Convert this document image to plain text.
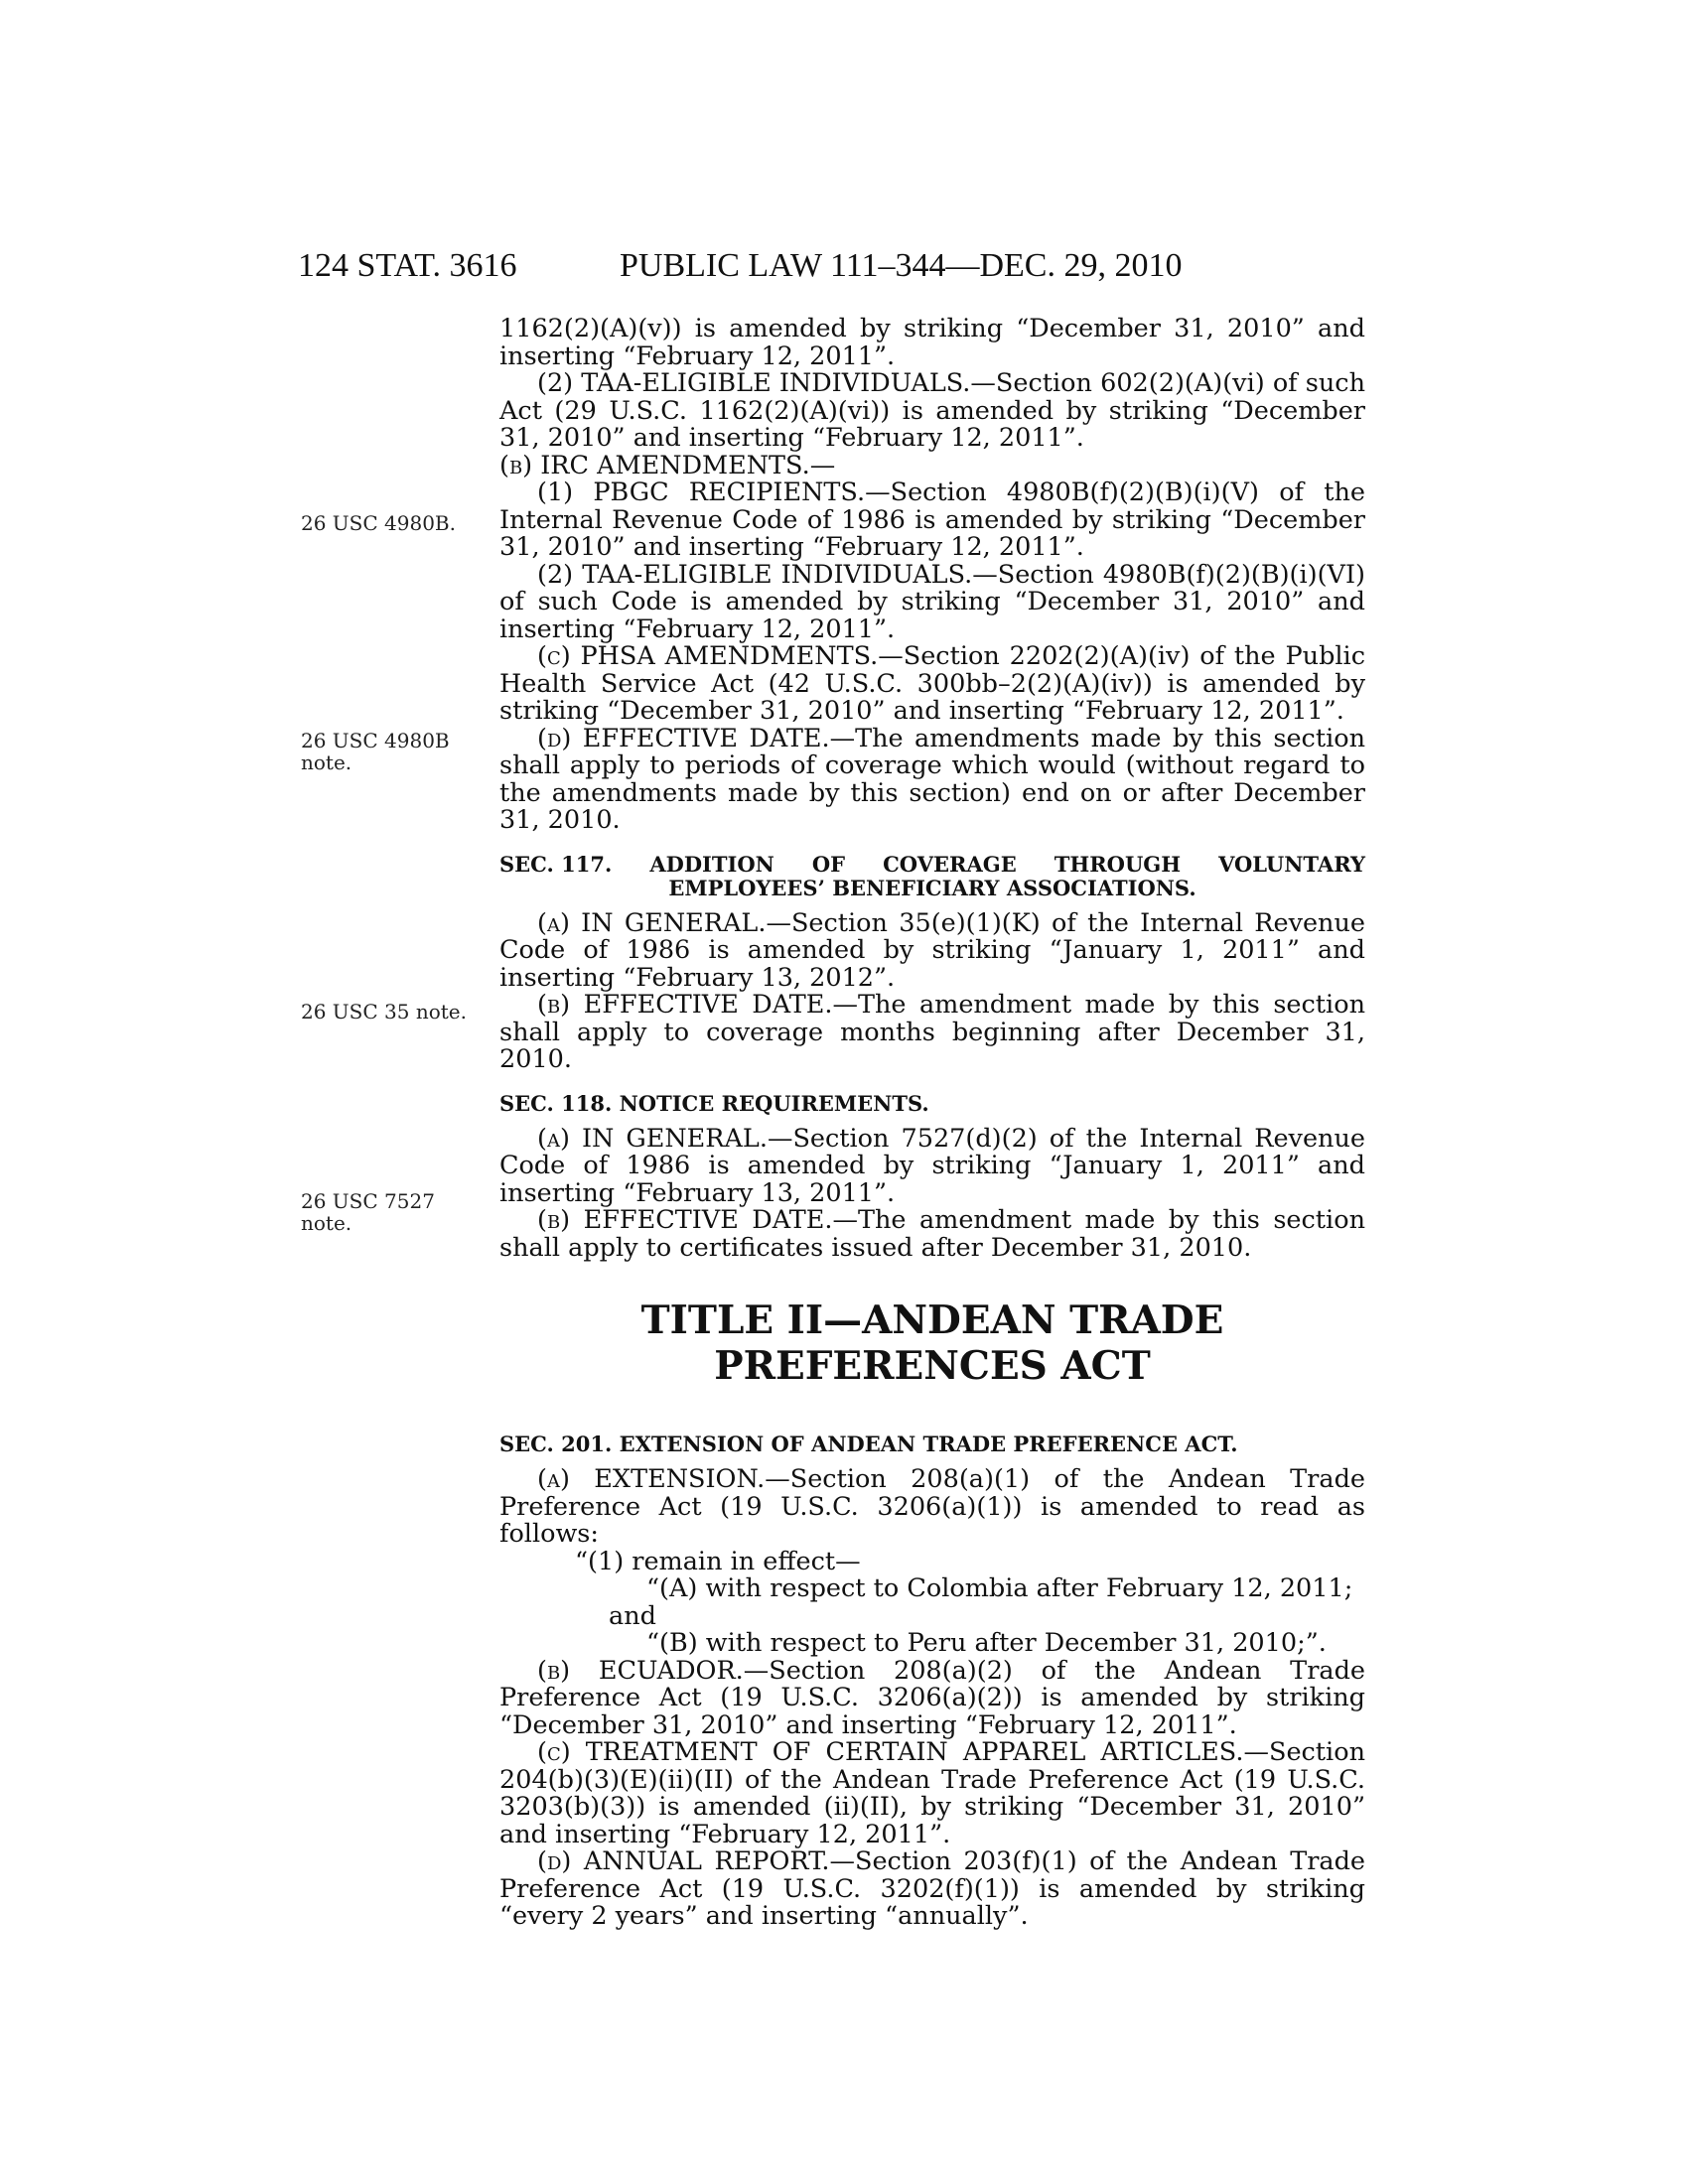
124 STAT. 3616	PUBLIC LAW 111–344—DEC. 29, 2010
26 USC 4980B.
26 USC 4980B note.
26 USC 35 note.
26 USC 7527 note.

1162(2)(A)(v)) is amended by striking “December 31, 2010” and inserting “February 12, 2011”.

(2) TAA-ELIGIBLE INDIVIDUALS.—Section 602(2)(A)(vi) of such Act (29 U.S.C. 1162(2)(A)(vi)) is amended by striking “December 31, 2010” and inserting “February 12, 2011”.

(b) IRC AMENDMENTS.—

(1) PBGC RECIPIENTS.—Section 4980B(f)(2)(B)(i)(V) of the Internal Revenue Code of 1986 is amended by striking “December 31, 2010” and inserting “February 12, 2011”.

(2) TAA-ELIGIBLE INDIVIDUALS.—Section 4980B(f)(2)(B)(i)(VI) of such Code is amended by striking “December 31, 2010” and inserting “February 12, 2011”.

(c) PHSA AMENDMENTS.—Section 2202(2)(A)(iv) of the Public Health Service Act (42 U.S.C. 300bb–2(2)(A)(iv)) is amended by striking “December 31, 2010” and inserting “February 12, 2011”.

(d) EFFECTIVE DATE.—The amendments made by this section shall apply to periods of coverage which would (without regard to the amendments made by this section) end on or after December 31, 2010.

SEC. 117. ADDITION OF COVERAGE THROUGH VOLUNTARY
EMPLOYEES’ BENEFICIARY ASSOCIATIONS.

(a) IN GENERAL.—Section 35(e)(1)(K) of the Internal Revenue Code of 1986 is amended by striking “January 1, 2011” and inserting “February 13, 2012”.

(b) EFFECTIVE DATE.—The amendment made by this section shall apply to coverage months beginning after December 31, 2010.

SEC. 118. NOTICE REQUIREMENTS.

(a) IN GENERAL.—Section 7527(d)(2) of the Internal Revenue Code of 1986 is amended by striking “January 1, 2011” and inserting “February 13, 2011”.

(b) EFFECTIVE DATE.—The amendment made by this section shall apply to certificates issued after December 31, 2010.

TITLE II—ANDEAN TRADE
PREFERENCES ACT
SEC. 201. EXTENSION OF ANDEAN TRADE PREFERENCE ACT.

(a) EXTENSION.—Section 208(a)(1) of the Andean Trade Preference Act (19 U.S.C. 3206(a)(1)) is amended to read as follows:

“(1) remain in effect—

“(A) with respect to Colombia after February 12, 2011;

and

“(B) with respect to Peru after December 31, 2010;”.

(b) ECUADOR.—Section 208(a)(2) of the Andean Trade Preference Act (19 U.S.C. 3206(a)(2)) is amended by striking “December 31, 2010” and inserting “February 12, 2011”.

(c) TREATMENT OF CERTAIN APPAREL ARTICLES.—Section 204(b)(3)(E)(ii)(II) of the Andean Trade Preference Act (19 U.S.C. 3203(b)(3)) is amended (ii)(II), by striking “December 31, 2010” and inserting “February 12, 2011”.

(d) ANNUAL REPORT.—Section 203(f)(1) of the Andean Trade Preference Act (19 U.S.C. 3202(f)(1)) is amended by striking “every 2 years” and inserting “annually”.
